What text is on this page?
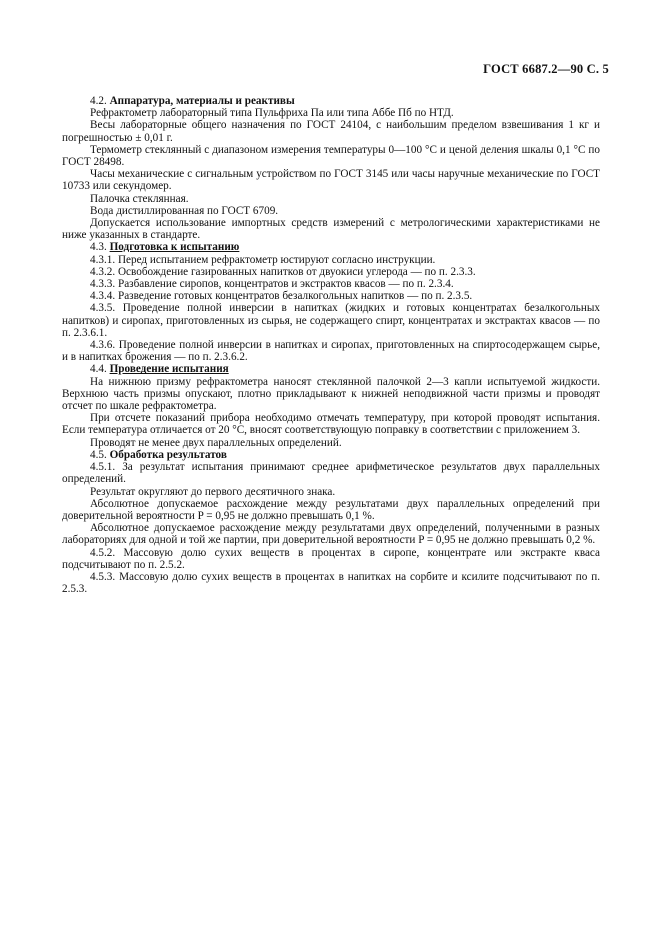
ГОСТ 6687.2—90 С. 5

4.2. Аппаратура, материалы и реактивы

Рефрактометр лабораторный типа Пульфриха Па или типа Аббе Пб по НТД.

Весы лабораторные общего назначения по ГОСТ 24104, с наибольшим пределом взвешивания 1 кг и погрешностью ± 0,01 г.

Термометр стеклянный с диапазоном измерения температуры 0—100 °С и ценой деления шкалы 0,1 °С по ГОСТ 28498.

Часы механические с сигнальным устройством по ГОСТ 3145 или часы наручные механические по ГОСТ 10733 или секундомер.

Палочка стеклянная.

Вода дистиллированная по ГОСТ 6709.

Допускается использование импортных средств измерений с метрологическими характеристиками не ниже указанных в стандарте.

4.3. Подготовка к испытанию

4.3.1. Перед испытанием рефрактометр юстируют согласно инструкции.

4.3.2. Освобождение газированных напитков от двуокиси углерода — по п. 2.3.3.

4.3.3. Разбавление сиропов, концентратов и экстрактов квасов — по п. 2.3.4.

4.3.4. Разведение готовых концентратов безалкогольных напитков — по п. 2.3.5.

4.3.5. Проведение полной инверсии в напитках (жидких и готовых концентратах безалкогольных напитков) и сиропах, приготовленных из сырья, не содержащего спирт, концентратах и экстрактах квасов — по п. 2.3.6.1.

4.3.6. Проведение полной инверсии в напитках и сиропах, приготовленных на спиртосодержащем сырье, и в напитках брожения — по п. 2.3.6.2.

4.4. Проведение испытания

На нижнюю призму рефрактометра наносят стеклянной палочкой 2—3 капли испытуемой жидкости. Верхнюю часть призмы опускают, плотно прикладывают к нижней неподвижной части призмы и проводят отсчет по шкале рефрактометра.

При отсчете показаний прибора необходимо отмечать температуру, при которой проводят испытания. Если температура отличается от 20 °С, вносят соответствующую поправку в соответствии с приложением 3.

Проводят не менее двух параллельных определений.

4.5. Обработка результатов

4.5.1. За результат испытания принимают среднее арифметическое результатов двух параллельных определений.

Результат округляют до первого десятичного знака.

Абсолютное допускаемое расхождение между результатами двух параллельных определений при доверительной вероятности P = 0,95 не должно превышать 0,1 %.

Абсолютное допускаемое расхождение между результатами двух определений, полученными в разных лабораториях для одной и той же партии, при доверительной вероятности P = 0,95 не должно превышать 0,2 %.

4.5.2. Массовую долю сухих веществ в процентах в сиропе, концентрате или экстракте кваса подсчитывают по п. 2.5.2.

4.5.3. Массовую долю сухих веществ в процентах в напитках на сорбите и ксилите подсчитывают по п. 2.5.3.
